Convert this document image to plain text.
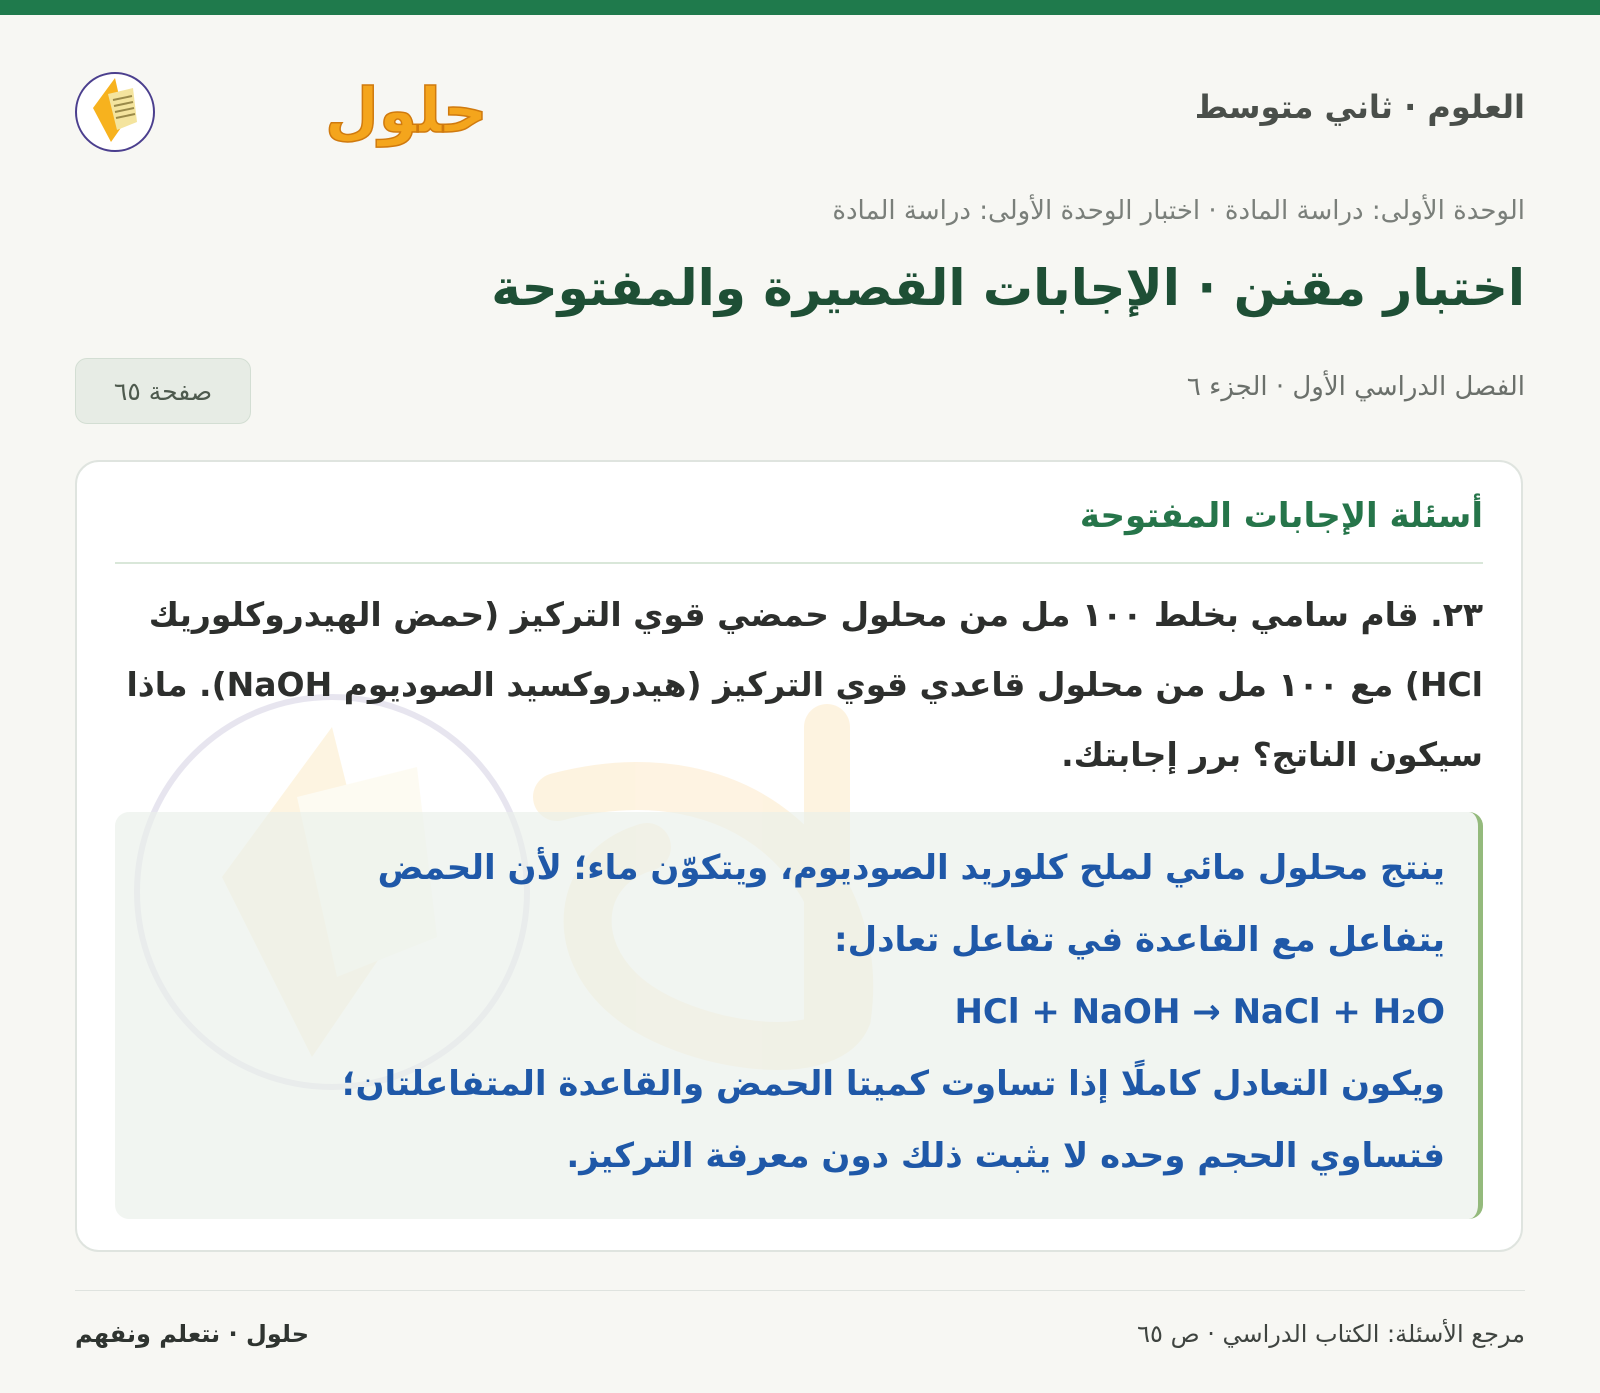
العلوم · ثاني متوسط
حلول
الوحدة الأولى: دراسة المادة · اختبار الوحدة الأولى: دراسة المادة
اختبار مقنن · الإجابات القصيرة والمفتوحة
الفصل الدراسي الأول · الجزء ٦
صفحة ٦٥
أسئلة الإجابات المفتوحة

٢٣. قام سامي بخلط ١٠٠ مل من محلول حمضي قوي التركيز (حمض الهيدروكلوريك HCl) مع ١٠٠ مل من محلول قاعدي قوي التركيز (هيدروكسيد الصوديوم NaOH). ماذا سيكون الناتج؟ برر إجابتك.

ينتج محلول مائي لملح كلوريد الصوديوم، ويتكوّن ماء؛ لأن الحمض
يتفاعل مع القاعدة في تفاعل تعادل:
HCl + NaOH → NaCl + H₂O
ويكون التعادل كاملًا إذا تساوت كميتا الحمض والقاعدة المتفاعلتان؛
فتساوي الحجم وحده لا يثبت ذلك دون معرفة التركيز.
مرجع الأسئلة: الكتاب الدراسي · ص ٦٥
حلول · نتعلم ونفهم
